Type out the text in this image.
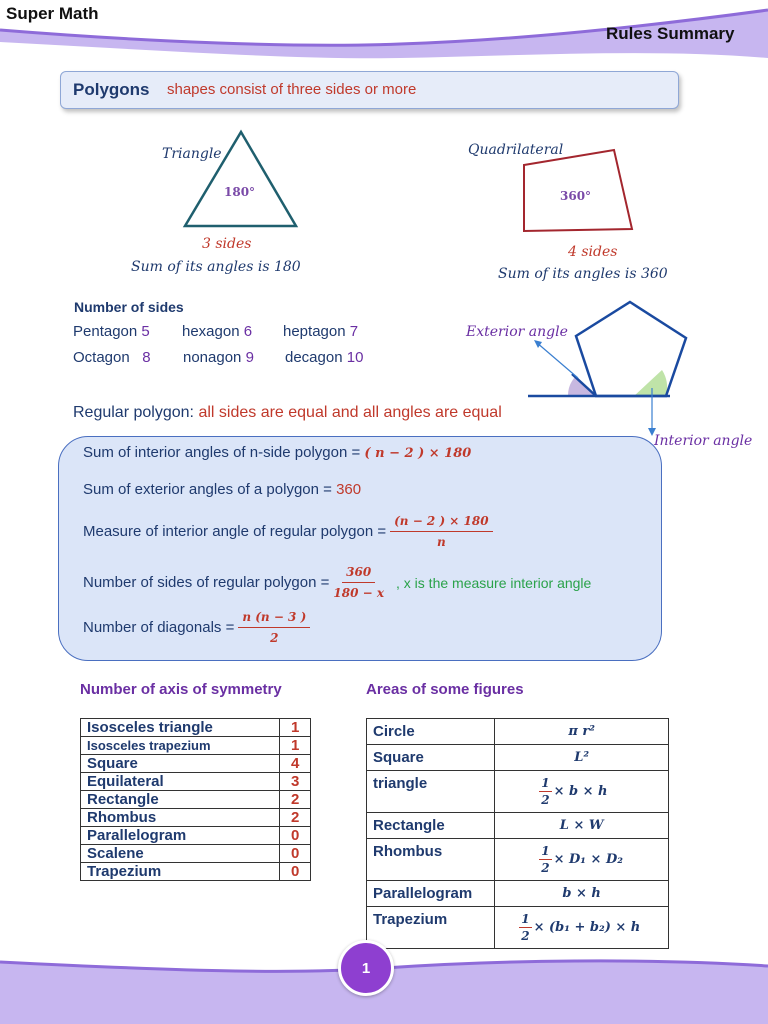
Super Math
Rules Summary
Polygons shapes consist of three sides or more
Triangle
180°
3 sides
Sum of its angles is 180
Quadrilateral
360°
4 sides
Sum of its angles is 360
Number of sides
Pentagon 5 hexagon 6 heptagon 7
Octagon 8 nonagon 9 decagon 10
Exterior angle
Interior angle
Regular polygon: all sides are equal and all angles are equal
Sum of interior angles of n-side polygon = ( n − 2 ) × 180
Sum of exterior angles of a polygon = 360
Measure of interior angle of regular polygon = $\frac{(n - 2 ) \times 180}{n}$
Number of sides of regular polygon = $\frac{360}{180 - x}$ , x is the measure interior angle
Number of diagonals = $\frac{n (n - 3 )}{2}$
Number of axis of symmetry
Isosceles triangle	1
Isosceles trapezium	1
Square	4
Equilateral	3
Rectangle	2
Rhombus	2
Parallelogram	0
Scalene	0
Trapezium	0
Areas of some figures
Circle	π r²
Square	L²
triangle	$\frac{1}{2} \times b \times h$
Rectangle	L × W
Rhombus	$\frac{1}{2} \times D_1 \times D_2$
Parallelogram	b × h
Trapezium	$\frac{1}{2} \times (b_1 + b_2) \times h$
1
